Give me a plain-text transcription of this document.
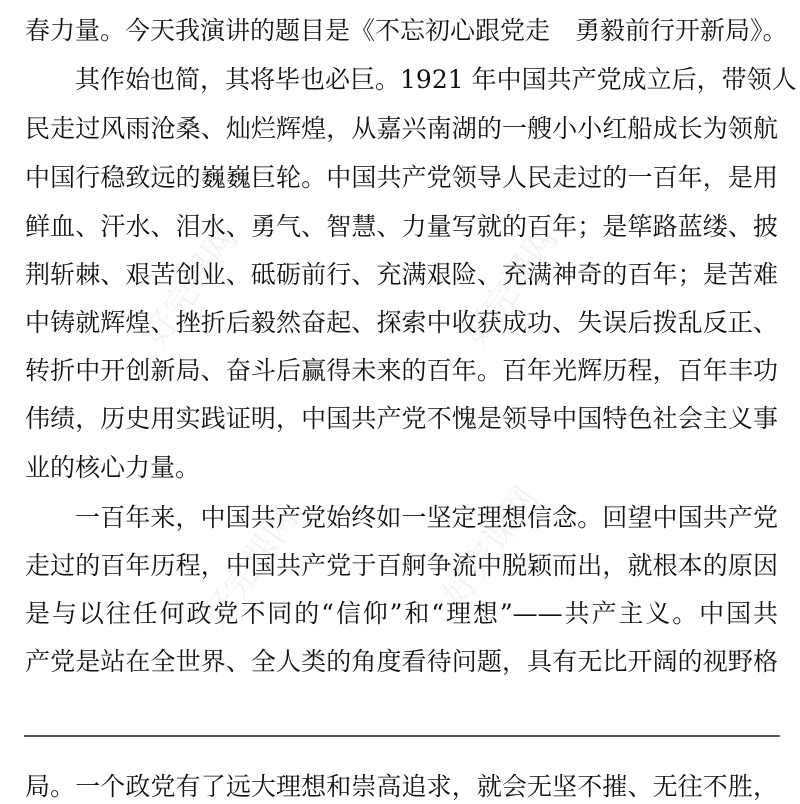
好完课网	好完课网
好完课网	好完课网
春力量。今天我演讲的题目是《不忘初心跟党走　勇毅前行开新局》。
其作始也简，其将毕也必巨。1921 年中国共产党成立后，带领人
民走过风雨沧桑、灿烂辉煌，从嘉兴南湖的一艘小小红船成长为领航
中国行稳致远的巍巍巨轮。中国共产党领导人民走过的一百年，是用
鲜血、汗水、泪水、勇气、智慧、力量写就的百年；是筚路蓝缕、披
荆斩棘、艰苦创业、砥砺前行、充满艰险、充满神奇的百年；是苦难
中铸就辉煌、挫折后毅然奋起、探索中收获成功、失误后拨乱反正、
转折中开创新局、奋斗后赢得未来的百年。百年光辉历程，百年丰功
伟绩，历史用实践证明，中国共产党不愧是领导中国特色社会主义事
业的核心力量。
一百年来，中国共产党始终如一坚定理想信念。回望中国共产党
走过的百年历程，中国共产党于百舸争流中脱颖而出，就根本的原因
是与以往任何政党不同的“信仰”和“理想”——共产主义。中国共
产党是站在全世界、全人类的角度看待问题，具有无比开阔的视野格
局。一个政党有了远大理想和崇高追求，就会无坚不摧、无往不胜，
